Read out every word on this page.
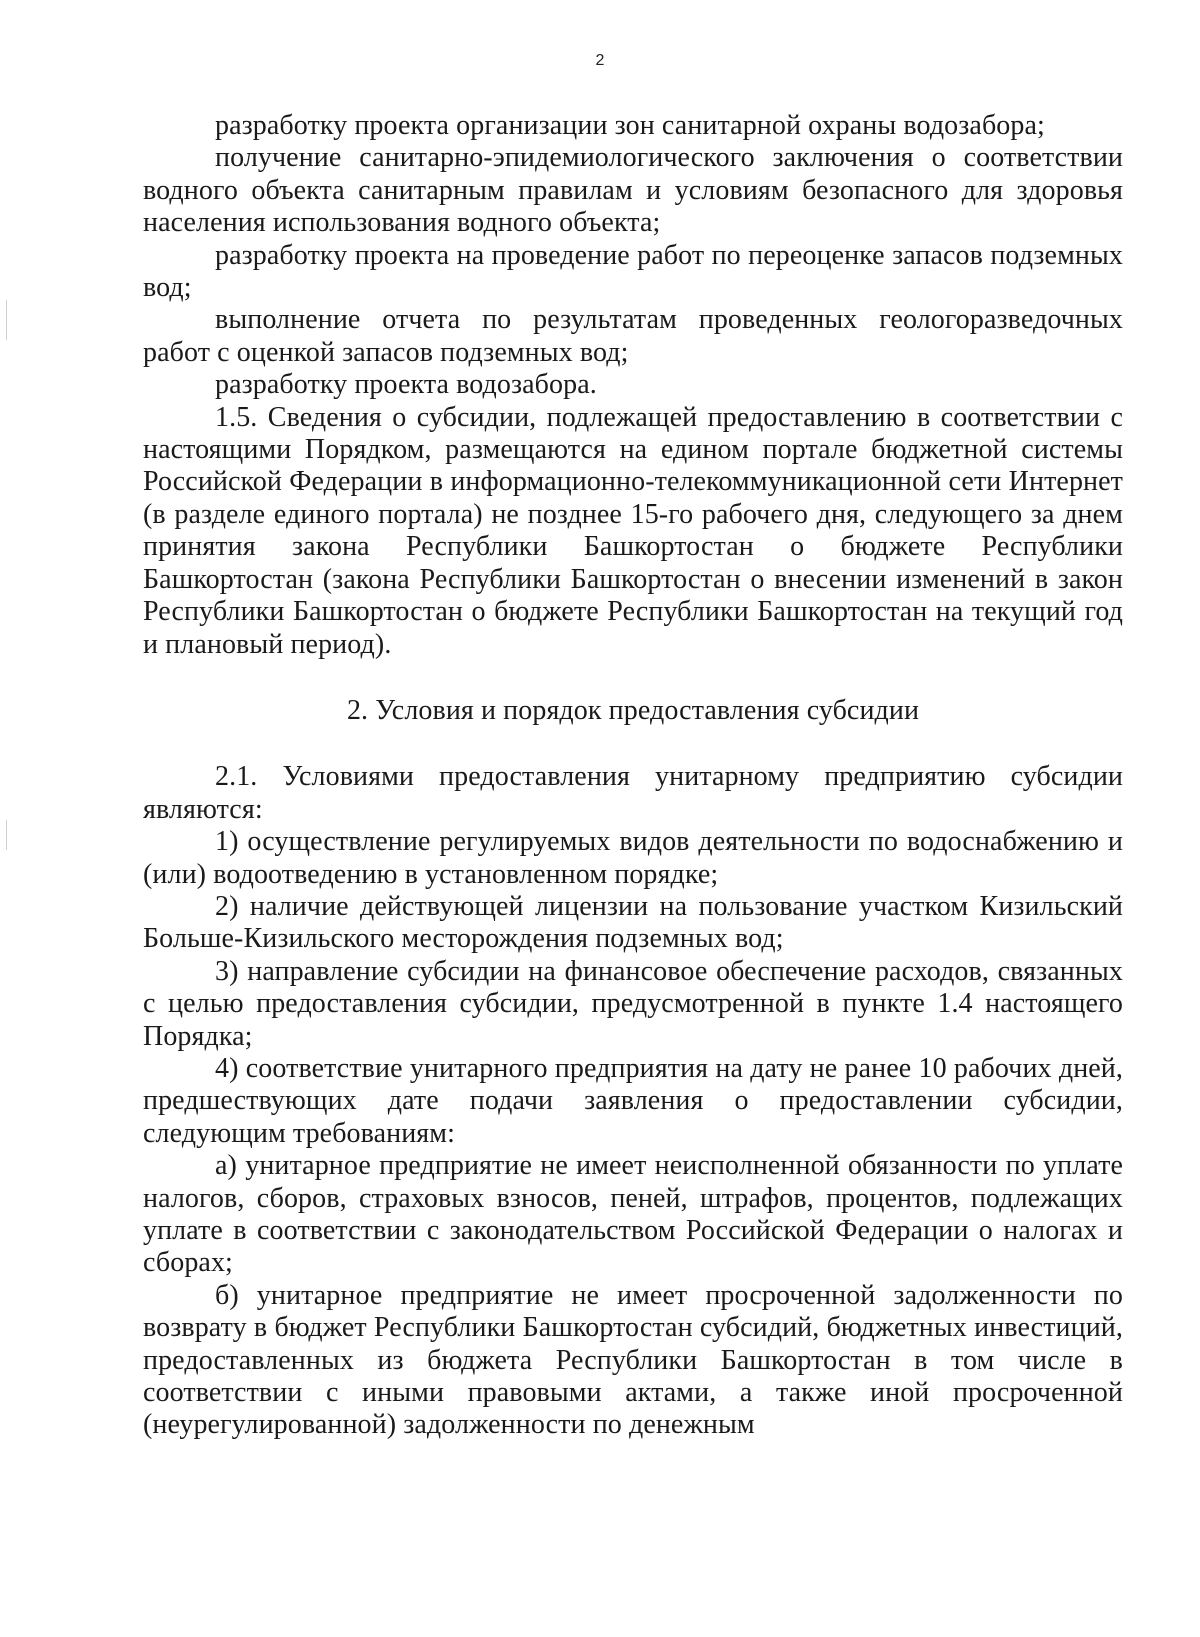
2

разработку проекта организации зон санитарной охраны водозабора;

получение санитарно-эпидемиологического заключения о соответствии водного объекта санитарным правилам и условиям безопасного для здоровья населения использования водного объекта;

разработку проекта на проведение работ по переоценке запасов подземных вод;

выполнение отчета по результатам проведенных геологоразведочных работ с оценкой запасов подземных вод;

разработку проекта водозабора.

1.5. Сведения о субсидии, подлежащей предоставлению в соответствии с настоящими Порядком, размещаются на едином портале бюджетной системы Российской Федерации в информационно-телекоммуникационной сети Интернет (в разделе единого портала) не позднее 15-го рабочего дня, следующего за днем принятия закона Республики Башкортостан о бюджете Республики Башкортостан (закона Республики Башкортостан о внесении изменений в закон Республики Башкортостан о бюджете Республики Башкортостан на текущий год и плановый период).

2. Условия и порядок предоставления субсидии

2.1. Условиями предоставления унитарному предприятию субсидии являются:

1) осуществление регулируемых видов деятельности по водоснабжению и (или) водоотведению в установленном порядке;

2) наличие действующей лицензии на пользование участком Кизильский Больше-Кизильского месторождения подземных вод;

3) направление субсидии на финансовое обеспечение расходов, связанных с целью предоставления субсидии, предусмотренной в пункте 1.4 настоящего Порядка;

4) соответствие унитарного предприятия на дату не ранее 10 рабочих дней, предшествующих дате подачи заявления о предоставлении субсидии, следующим требованиям:

а) унитарное предприятие не имеет неисполненной обязанности по уплате налогов, сборов, страховых взносов, пеней, штрафов, процентов, подлежащих уплате в соответствии с законодательством Российской Федерации о налогах и сборах;

б) унитарное предприятие не имеет просроченной задолженности по возврату в бюджет Республики Башкортостан субсидий, бюджетных инвестиций, предоставленных из бюджета Республики Башкортостан в том числе в соответствии с иными правовыми актами, а также иной просроченной (неурегулированной) задолженности по денежным
